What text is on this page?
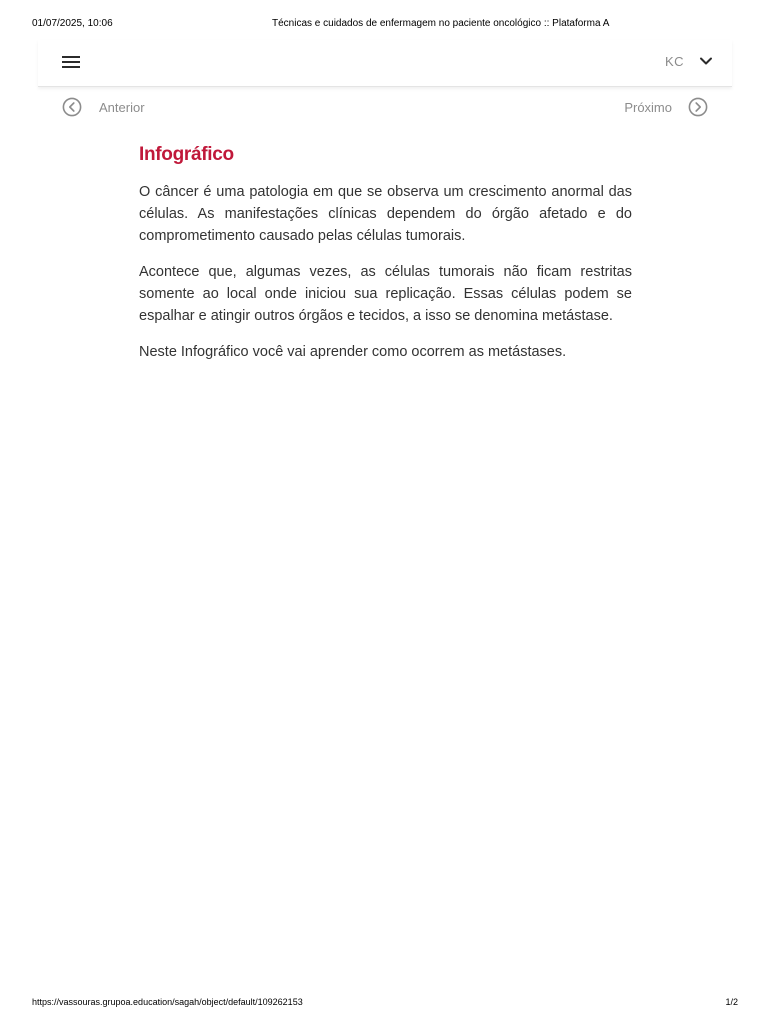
01/07/2025, 10:06	Técnicas e cuidados de enfermagem no paciente oncológico :: Plataforma A
KC
Anterior	Próximo
Infográfico

O câncer é uma patologia em que se observa um crescimento anormal das células. As manifestações clínicas dependem do órgão afetado e do comprometimento causado pelas células tumorais.

Acontece que, algumas vezes, as células tumorais não ficam restritas somente ao local onde iniciou sua replicação. Essas células podem se espalhar e atingir outros órgãos e tecidos, a isso se denomina metástase.

Neste Infográfico você vai aprender como ocorrem as metástases.

https://vassouras.grupoa.education/sagah/object/default/109262153	1/2
